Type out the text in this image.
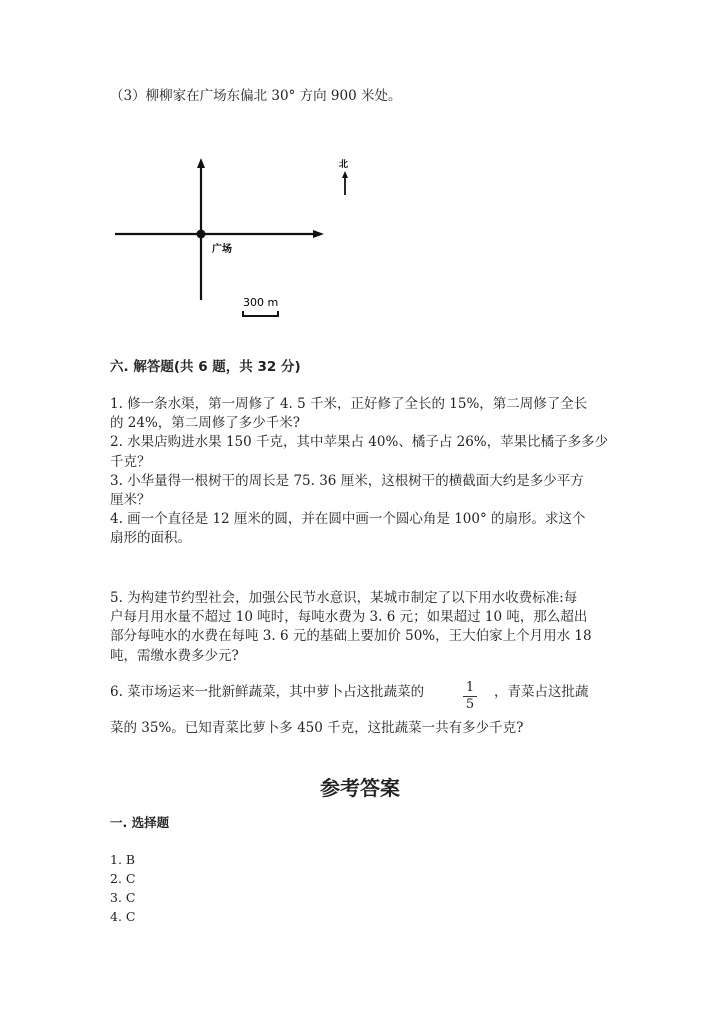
（3）柳柳家在广场东偏北 30° 方向 900 米处。
广场
北
300 m
六. 解答题(共 6 题，共 32 分)
1. 修一条水渠，第一周修了 4. 5 千米，正好修了全长的 15%，第二周修了全长
的 24%，第二周修了多少千米?
2. 水果店购进水果 150 千克，其中苹果占 40%、橘子占 26%，苹果比橘子多多少
千克？
3. 小华量得一根树干的周长是 75. 36 厘米，这根树干的横截面大约是多少平方
厘米？
4. 画一个直径是 12 厘米的圆，并在圆中画一个圆心角是 100° 的扇形。求这个
扇形的面积。
5. 为构建节约型社会，加强公民节水意识，某城市制定了以下用水收费标准:每
户每月用水量不超过 10 吨时，每吨水费为 3. 6 元；如果超过 10 吨，那么超出
部分每吨水的水费在每吨 3. 6 元的基础上要加价 50%，王大伯家上个月用水 18
吨，需缴水费多少元?
6. 菜市场运来一批新鲜蔬菜，其中萝卜占这批蔬菜的	1
5
，青菜占这批蔬
菜的 35%。已知青菜比萝卜多 450 千克，这批蔬菜一共有多少千克?
参考答案
一. 选择题
1. B
2. C
3. C
4. C
